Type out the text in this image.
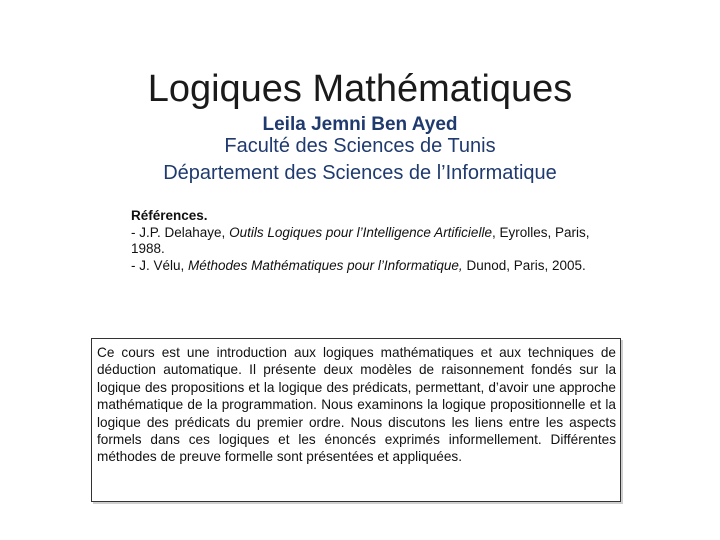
Logiques Mathématiques
Leila Jemni Ben Ayed
Faculté des Sciences de Tunis
Département des Sciences de l’Informatique
Références.
- J.P. Delahaye, Outils Logiques pour l’Intelligence Artificielle, Eyrolles, Paris, 1988.
- J. Vélu, Méthodes Mathématiques pour l’Informatique, Dunod, Paris, 2005.
Ce cours est une introduction aux logiques mathématiques et aux techniques de déduction automatique. Il présente deux modèles de raisonnement fondés sur la logique des propositions et la logique des prédicats, permettant, d’avoir une approche mathématique de la programmation. Nous examinons la logique propositionnelle et la logique des prédicats du premier ordre. Nous discutons les liens entre les aspects formels dans ces logiques et les énoncés exprimés informellement. Différentes méthodes de preuve formelle sont présentées et appliquées.
